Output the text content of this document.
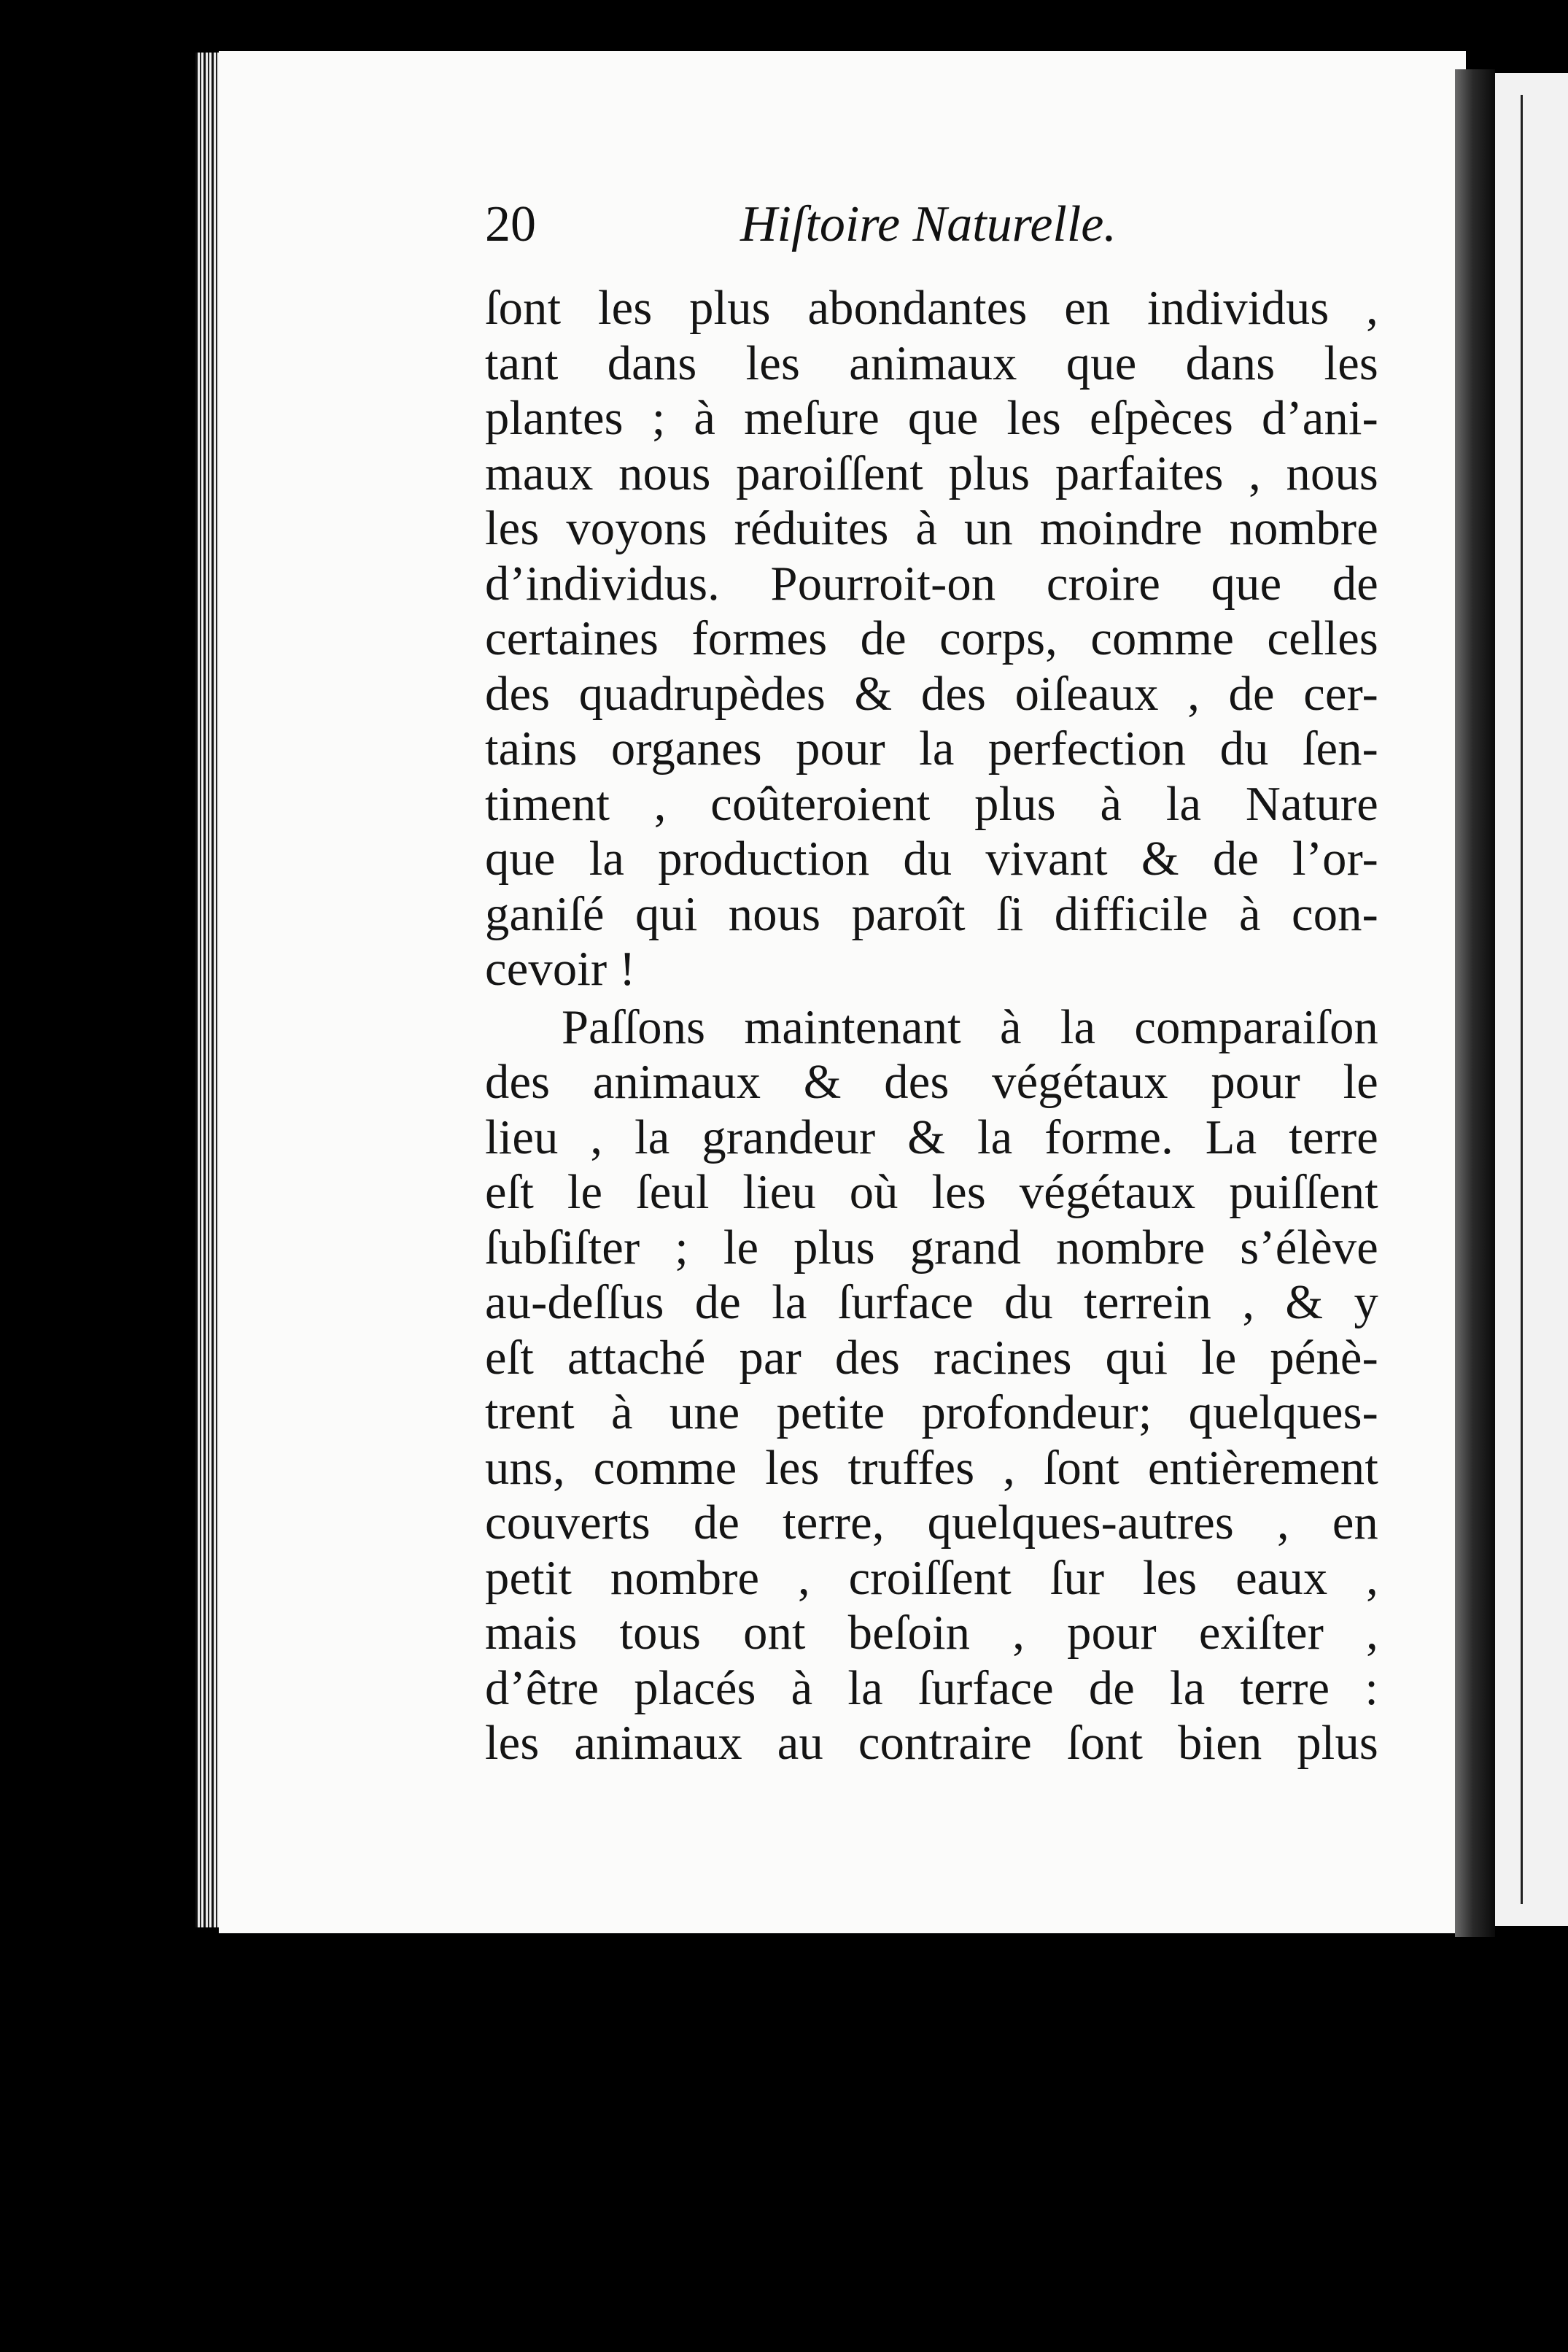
20	Hiſtoire Naturelle.
ſont les plus abondantes en individus ,
tant dans les animaux que dans les
plantes ; à meſure que les eſpèces d’ani-
maux nous paroiſſent plus parfaites , nous
les voyons réduites à un moindre nombre
d’individus. Pourroit-on croire que de
certaines formes de corps, comme celles
des quadrupèdes & des oiſeaux , de cer-
tains organes pour la perfection du ſen-
timent , coûteroient plus à la Nature
que la production du vivant & de l’or-
ganiſé qui nous paroît ſi difficile à con-
cevoir !
Paſſons maintenant à la comparaiſon
des animaux & des végétaux pour le
lieu , la grandeur & la forme. La terre
eſt le ſeul lieu où les végétaux puiſſent
ſubſiſter ; le plus grand nombre s’élève
au-deſſus de la ſurface du terrein , & y
eſt attaché par des racines qui le pénè-
trent à une petite profondeur; quelques-
uns, comme les truffes , ſont entièrement
couverts de terre, quelques-autres , en
petit nombre , croiſſent ſur les eaux ,
mais tous ont beſoin , pour exiſter ,
d’être placés à la ſurface de la terre :
les animaux au contraire ſont bien plus
